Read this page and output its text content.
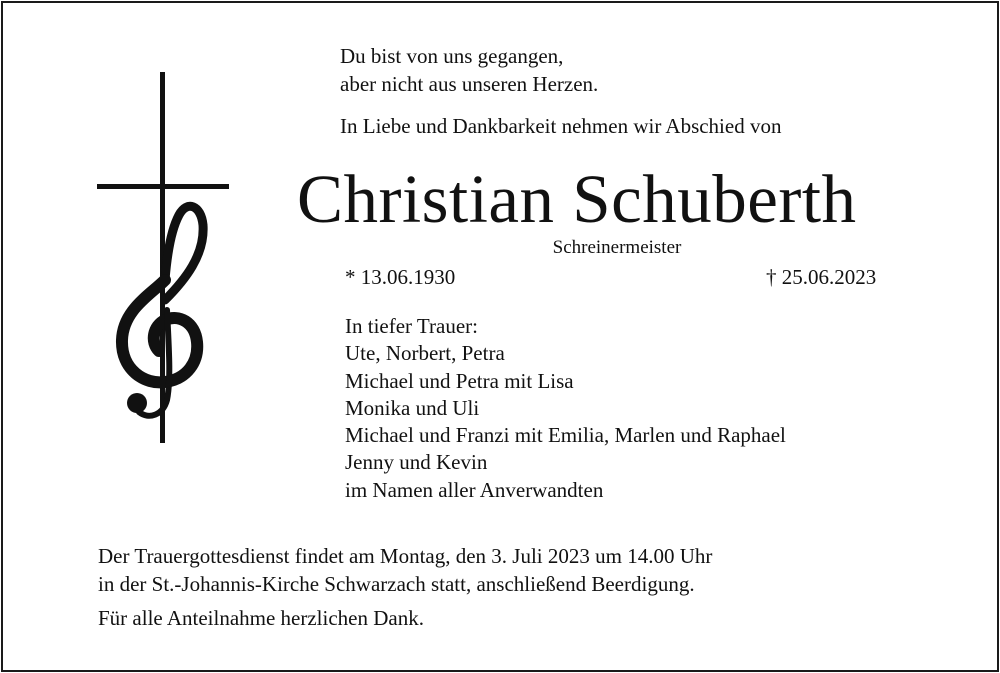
Du bist von uns gegangen,
aber nicht aus unseren Herzen.
In Liebe und Dankbarkeit nehmen wir Abschied von
Christian Schuberth
Schreinermeister
* 13.06.1930	† 25.06.2023
In tiefer Trauer:
Ute, Norbert, Petra
Michael und Petra mit Lisa
Monika und Uli
Michael und Franzi mit Emilia, Marlen und Raphael
Jenny und Kevin
im Namen aller Anverwandten
Der Trauergottesdienst findet am Montag, den 3. Juli 2023 um 14.00 Uhr
in der St.-Johannis-Kirche Schwarzach statt, anschließend Beerdigung.
Für alle Anteilnahme herzlichen Dank.
